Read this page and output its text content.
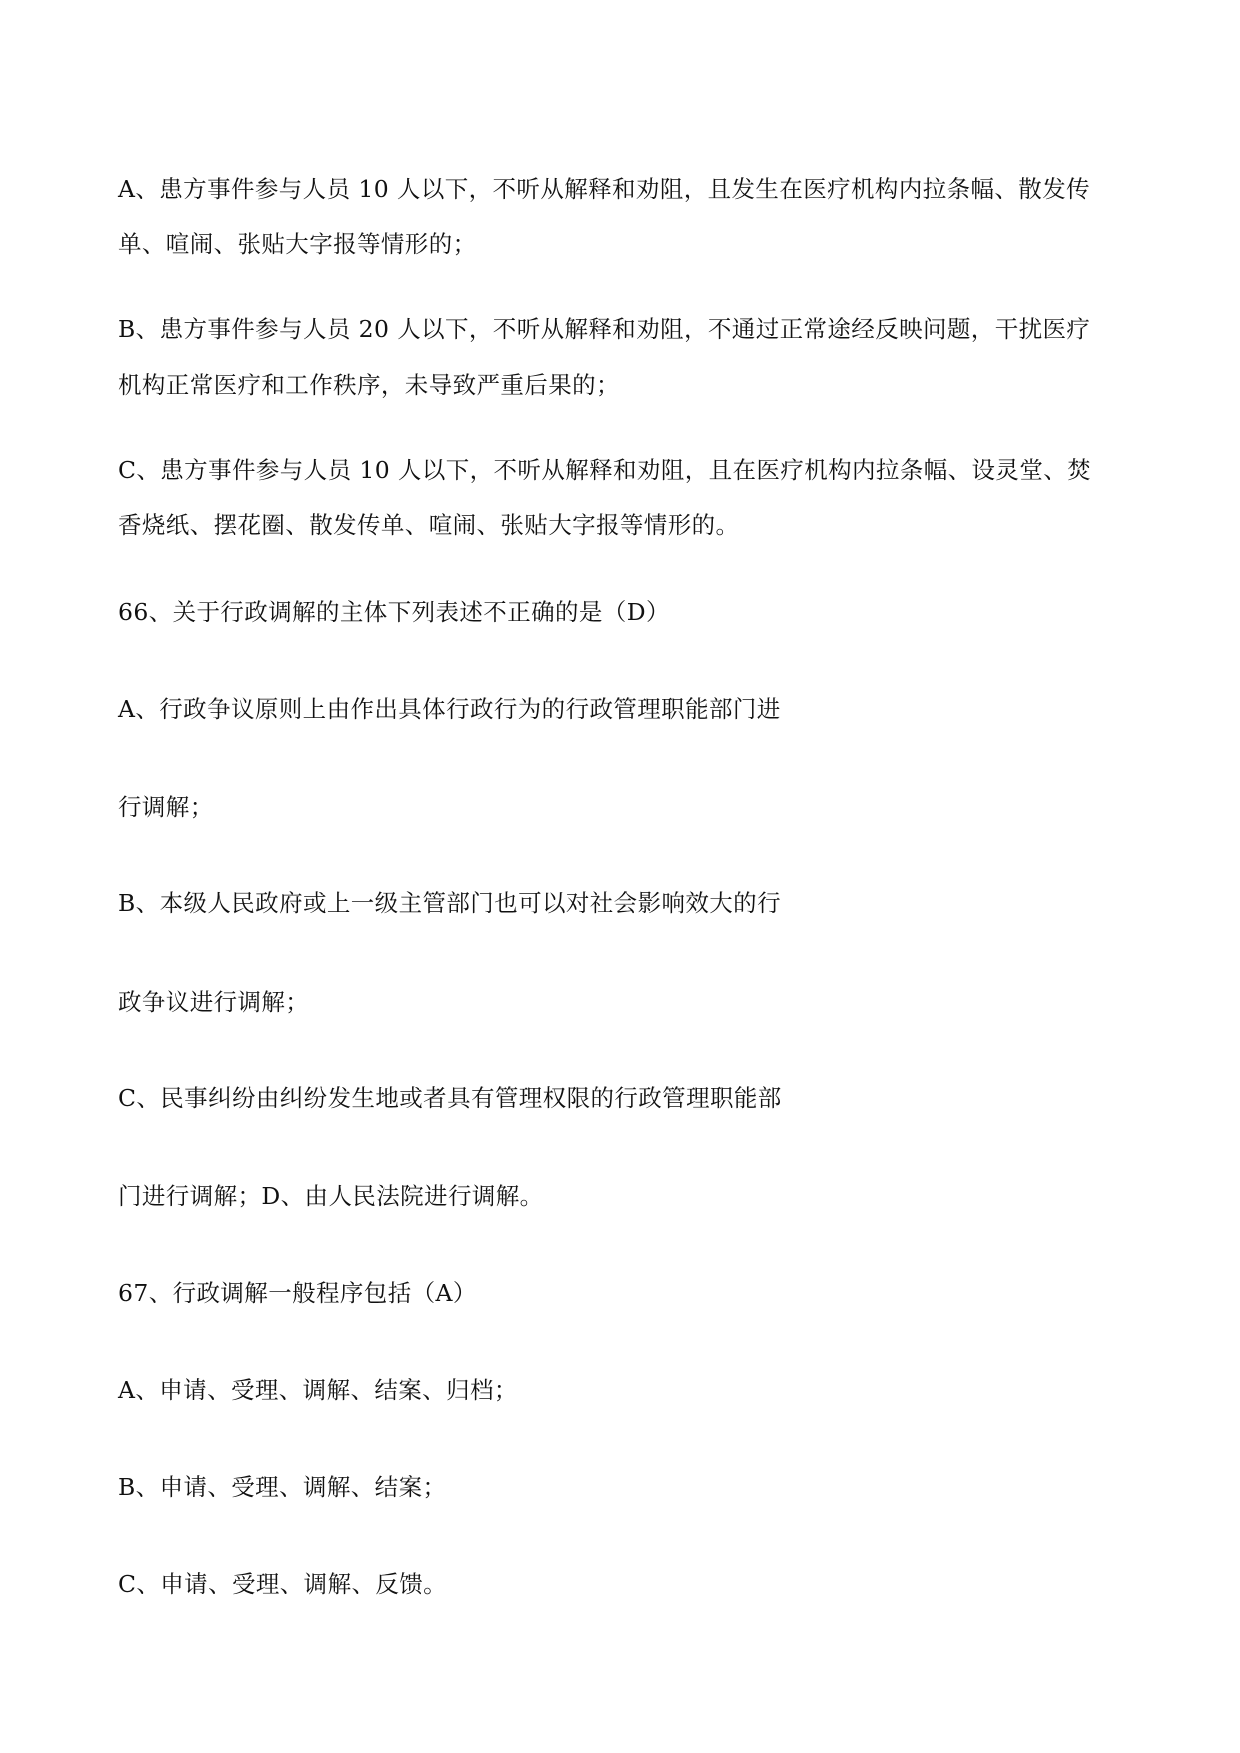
A、患方事件参与人员 10 人以下，不听从解释和劝阻，且发生在医疗机构内拉条幅、散发传
单、喧闹、张贴大字报等情形的；
B、患方事件参与人员 20 人以下，不听从解释和劝阻，不通过正常途经反映问题，干扰医疗
机构正常医疗和工作秩序，未导致严重后果的；
C、患方事件参与人员 10 人以下，不听从解释和劝阻，且在医疗机构内拉条幅、设灵堂、焚
香烧纸、摆花圈、散发传单、喧闹、张贴大字报等情形的。
66、关于行政调解的主体下列表述不正确的是（D）
A、行政争议原则上由作出具体行政行为的行政管理职能部门进
行调解；
B、本级人民政府或上一级主管部门也可以对社会影响效大的行
政争议进行调解；
C、民事纠纷由纠纷发生地或者具有管理权限的行政管理职能部
门进行调解；D、由人民法院进行调解。
67、行政调解一般程序包括（A）
A、申请、受理、调解、结案、归档；
B、申请、受理、调解、结案；
C、申请、受理、调解、反馈。
